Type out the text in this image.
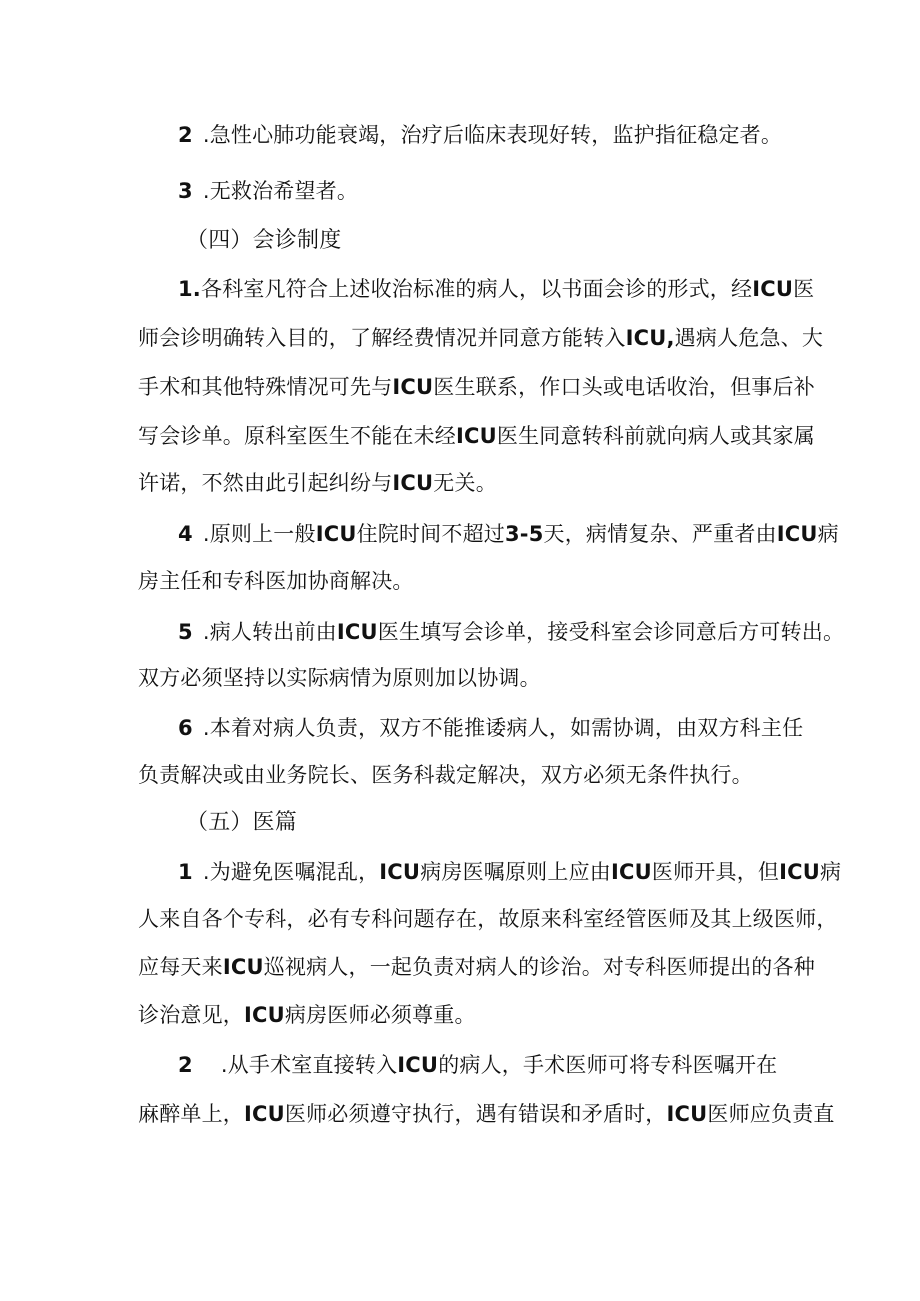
2 .急性心肺功能衰竭，治疗后临床表现好转，监护指征稳定者。
3 .无救治希望者。
（四）会诊制度
1.各科室凡符合上述收治标准的病人，以书面会诊的形式，经ICU医
师会诊明确转入目的，了解经费情况并同意方能转入ICU,遇病人危急、大
手术和其他特殊情况可先与ICU医生联系，作口头或电话收治，但事后补
写会诊单。原科室医生不能在未经ICU医生同意转科前就向病人或其家属
许诺，不然由此引起纠纷与ICU无关。
4 .原则上一般ICU住院时间不超过3-5天，病情复杂、严重者由ICU病
房主任和专科医加协商解决。
5 .病人转出前由ICU医生填写会诊单，接受科室会诊同意后方可转出。
双方必须坚持以实际病情为原则加以协调。
6 .本着对病人负责，双方不能推诿病人，如需协调，由双方科主任
负责解决或由业务院长、医务科裁定解决，双方必须无条件执行。
（五）医篇
1 .为避免医嘱混乱，ICU病房医嘱原则上应由ICU医师开具，但ICU病
人来自各个专科，必有专科问题存在，故原来科室经管医师及其上级医师，
应每天来ICU巡视病人，一起负责对病人的诊治。对专科医师提出的各种
诊治意见，ICU病房医师必须尊重。
2 .从手术室直接转入ICU的病人，手术医师可将专科医嘱开在
麻醉单上，ICU医师必须遵守执行，遇有错误和矛盾时，ICU医师应负责直
